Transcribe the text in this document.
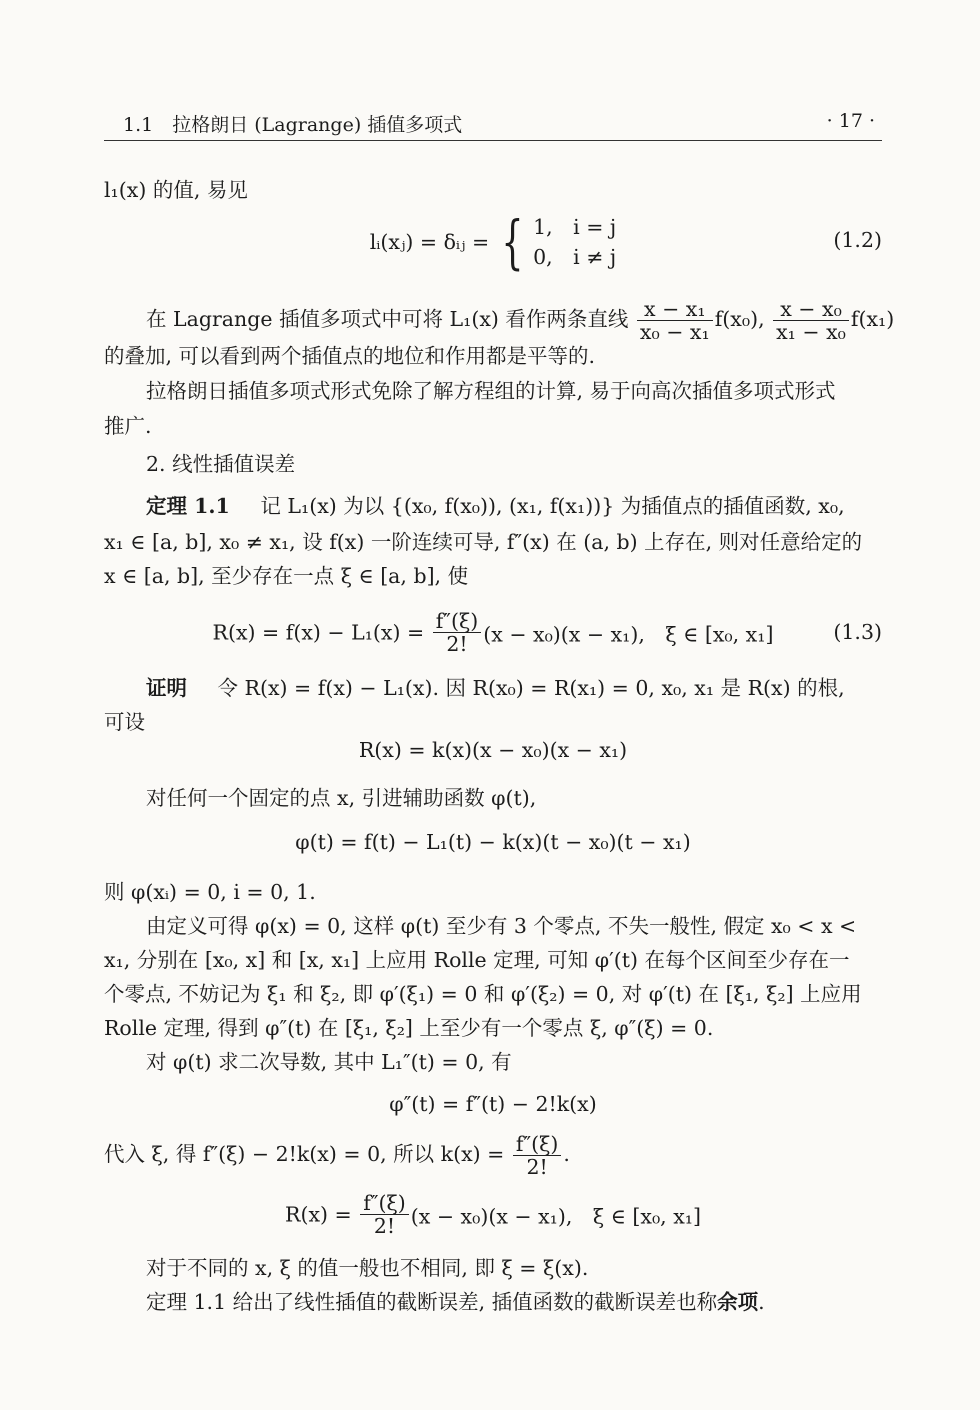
1.1　拉格朗日 (Lagrange) 插值多项式	· 17 ·
l₁(x) 的值, 易见
lᵢ(xⱼ) = δᵢⱼ = { 1,　i = j
0,　i ≠ j
(1.2)
在 Lagrange 插值多项式中可将 L₁(x) 看作两条直线 $\frac{\text{x − x₁}}{\text{x₀ − x₁}} f(x_0)$, $\frac{\text{x − x₀}}{\text{x₁ − x₀}} f(x_1)$
的叠加, 可以看到两个插值点的地位和作用都是平等的.
拉格朗日插值多项式形式免除了解方程组的计算, 易于向高次插值多项式形式
推广.
2. 线性插值误差
定理 1.1 记 L₁(x) 为以 {(x₀, f(x₀)), (x₁, f(x₁))} 为插值点的插值函数, x₀,
x₁ ∈ [a, b], x₀ ≠ x₁, 设 f(x) 一阶连续可导, f″(x) 在 (a, b) 上存在, 则对任意给定的
x ∈ [a, b], 至少存在一点 ξ ∈ [a, b], 使
$R(x) = f(x) - L_1(x) = \frac{f''(\xi)}{2!} (x - x_0)(x - x_1)$,　ξ ∈ [x₀, x₁]	(1.3)
证明 令 R(x) = f(x) − L₁(x). 因 R(x₀) = R(x₁) = 0, x₀, x₁ 是 R(x) 的根,
可设
R(x) = k(x)(x − x₀)(x − x₁)
对任何一个固定的点 x, 引进辅助函数 φ(t),
φ(t) = f(t) − L₁(t) − k(x)(t − x₀)(t − x₁)
则 φ(xᵢ) = 0, i = 0, 1.
由定义可得 φ(x) = 0, 这样 φ(t) 至少有 3 个零点, 不失一般性, 假定 x₀ < x <
x₁, 分别在 [x₀, x] 和 [x, x₁] 上应用 Rolle 定理, 可知 φ′(t) 在每个区间至少存在一
个零点, 不妨记为 ξ₁ 和 ξ₂, 即 φ′(ξ₁) = 0 和 φ′(ξ₂) = 0, 对 φ′(t) 在 [ξ₁, ξ₂] 上应用
Rolle 定理, 得到 φ″(t) 在 [ξ₁, ξ₂] 上至少有一个零点 ξ, φ″(ξ) = 0.
对 φ(t) 求二次导数, 其中 L₁″(t) = 0, 有
φ″(t) = f″(t) − 2!k(x)
代入 ξ, 得 f″(ξ) − 2!k(x) = 0, 所以 $k(x) = \frac{f''(\xi)}{2!}$ .
$R(x) = \frac{f''(\xi)}{2!} (x - x_0)(x - x_1)$,　ξ ∈ [x₀, x₁]
对于不同的 x, ξ 的值一般也不相同, 即 ξ = ξ(x).
定理 1.1 给出了线性插值的截断误差, 插值函数的截断误差也称余项.
